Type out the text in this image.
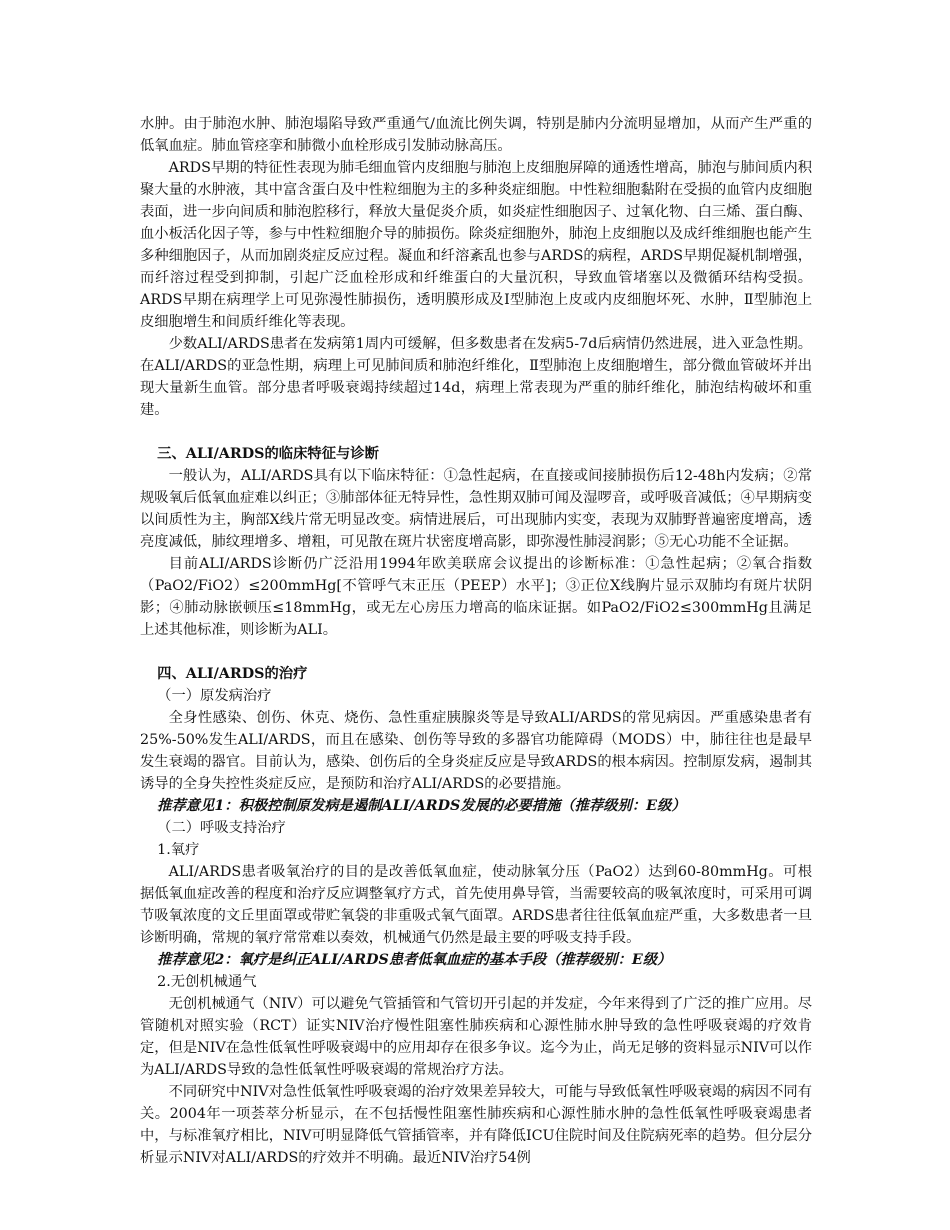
水肿。由于肺泡水肿、肺泡塌陷导致严重通气/血流比例失调，特别是肺内分流明显增加，从而产生严重的低氧血症。肺血管痉挛和肺微小血栓形成引发肺动脉高压。

ARDS早期的特征性表现为肺毛细血管内皮细胞与肺泡上皮细胞屏障的通透性增高，肺泡与肺间质内积聚大量的水肿液，其中富含蛋白及中性粒细胞为主的多种炎症细胞。中性粒细胞黏附在受损的血管内皮细胞表面，进一步向间质和肺泡腔移行，释放大量促炎介质，如炎症性细胞因子、过氧化物、白三烯、蛋白酶、血小板活化因子等，参与中性粒细胞介导的肺损伤。除炎症细胞外，肺泡上皮细胞以及成纤维细胞也能产生多种细胞因子，从而加剧炎症反应过程。凝血和纤溶紊乱也参与ARDS的病程，ARDS早期促凝机制增强，而纤溶过程受到抑制，引起广泛血栓形成和纤维蛋白的大量沉积，导致血管堵塞以及微循环结构受损。ARDS早期在病理学上可见弥漫性肺损伤，透明膜形成及Ⅰ型肺泡上皮或内皮细胞坏死、水肿，Ⅱ型肺泡上皮细胞增生和间质纤维化等表现。

少数ALI/ARDS患者在发病第1周内可缓解，但多数患者在发病5-7d后病情仍然进展，进入亚急性期。在ALI/ARDS的亚急性期，病理上可见肺间质和肺泡纤维化，Ⅱ型肺泡上皮细胞增生，部分微血管破坏并出现大量新生血管。部分患者呼吸衰竭持续超过14d，病理上常表现为严重的肺纤维化，肺泡结构破坏和重建。

三、ALI/ARDS的临床特征与诊断

一般认为，ALI/ARDS具有以下临床特征：①急性起病，在直接或间接肺损伤后12-48h内发病；②常规吸氧后低氧血症难以纠正；③肺部体征无特异性，急性期双肺可闻及湿啰音，或呼吸音减低；④早期病变以间质性为主，胸部X线片常无明显改变。病情进展后，可出现肺内实变，表现为双肺野普遍密度增高，透亮度减低，肺纹理增多、增粗，可见散在斑片状密度增高影，即弥漫性肺浸润影；⑤无心功能不全证据。

目前ALI/ARDS诊断仍广泛沿用1994年欧美联席会议提出的诊断标准：①急性起病；②氧合指数（PaO2/FiO2）≤200mmHg[不管呼气末正压（PEEP）水平]；③正位X线胸片显示双肺均有斑片状阴影；④肺动脉嵌顿压≤18mmHg，或无左心房压力增高的临床证据。如PaO2/FiO2≤300mmHg且满足上述其他标准，则诊断为ALI。

四、ALI/ARDS的治疗

（一）原发病治疗

全身性感染、创伤、休克、烧伤、急性重症胰腺炎等是导致ALI/ARDS的常见病因。严重感染患者有25%-50%发生ALI/ARDS，而且在感染、创伤等导致的多器官功能障碍（MODS）中，肺往往也是最早发生衰竭的器官。目前认为，感染、创伤后的全身炎症反应是导致ARDS的根本病因。控制原发病，遏制其诱导的全身失控性炎症反应，是预防和治疗ALI/ARDS的必要措施。

推荐意见1：积极控制原发病是遏制ALI/ARDS发展的必要措施（推荐级别：E级）

（二）呼吸支持治疗

1.氧疗

ALI/ARDS患者吸氧治疗的目的是改善低氧血症，使动脉氧分压（PaO2）达到60-80mmHg。可根据低氧血症改善的程度和治疗反应调整氧疗方式，首先使用鼻导管，当需要较高的吸氧浓度时，可采用可调节吸氧浓度的文丘里面罩或带贮氧袋的非重吸式氧气面罩。ARDS患者往往低氧血症严重，大多数患者一旦诊断明确，常规的氧疗常常难以奏效，机械通气仍然是最主要的呼吸支持手段。

推荐意见2：氧疗是纠正ALI/ARDS患者低氧血症的基本手段（推荐级别：E级）

2.无创机械通气

无创机械通气（NIV）可以避免气管插管和气管切开引起的并发症，今年来得到了广泛的推广应用。尽管随机对照实验（RCT）证实NIV治疗慢性阻塞性肺疾病和心源性肺水肿导致的急性呼吸衰竭的疗效肯定，但是NIV在急性低氧性呼吸衰竭中的应用却存在很多争议。迄今为止，尚无足够的资料显示NIV可以作为ALI/ARDS导致的急性低氧性呼吸衰竭的常规治疗方法。

不同研究中NIV对急性低氧性呼吸衰竭的治疗效果差异较大，可能与导致低氧性呼吸衰竭的病因不同有关。2004年一项荟萃分析显示，在不包括慢性阻塞性肺疾病和心源性肺水肿的急性低氧性呼吸衰竭患者中，与标准氧疗相比，NIV可明显降低气管插管率，并有降低ICU住院时间及住院病死率的趋势。但分层分析显示NIV对ALI/ARDS的疗效并不明确。最近NIV治疗54例
